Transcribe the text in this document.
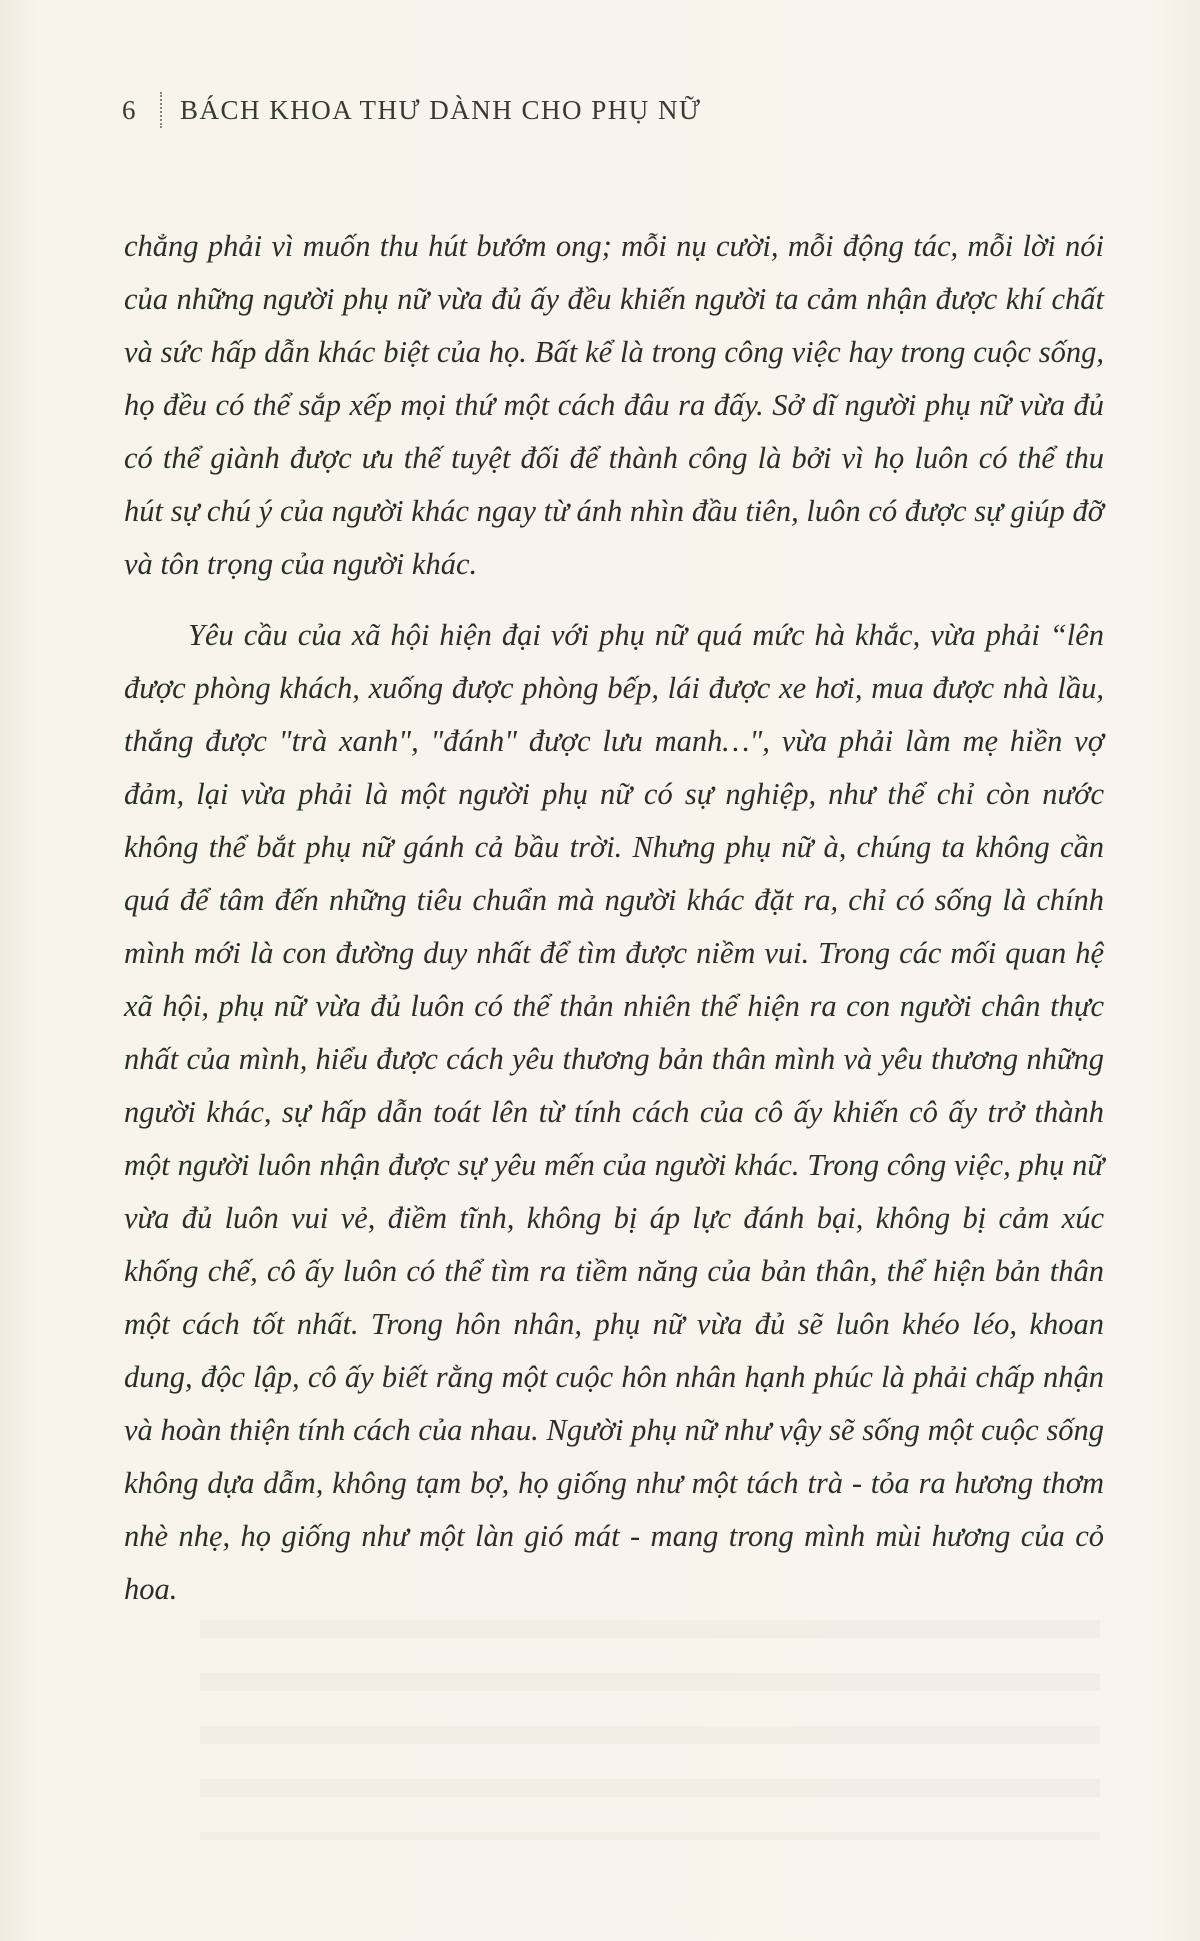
6	BÁCH KHOA THƯ DÀNH CHO PHỤ NỮ

chẳng phải vì muốn thu hút bướm ong; mỗi nụ cười, mỗi động tác, mỗi lời nói của những người phụ nữ vừa đủ ấy đều khiến người ta cảm nhận được khí chất và sức hấp dẫn khác biệt của họ. Bất kể là trong công việc hay trong cuộc sống, họ đều có thể sắp xếp mọi thứ một cách đâu ra đấy. Sở dĩ người phụ nữ vừa đủ có thể giành được ưu thế tuyệt đối để thành công là bởi vì họ luôn có thể thu hút sự chú ý của người khác ngay từ ánh nhìn đầu tiên, luôn có được sự giúp đỡ và tôn trọng của người khác.

Yêu cầu của xã hội hiện đại với phụ nữ quá mức hà khắc, vừa phải “lên được phòng khách, xuống được phòng bếp, lái được xe hơi, mua được nhà lầu, thắng được "trà xanh", "đánh" được lưu manh…", vừa phải làm mẹ hiền vợ đảm, lại vừa phải là một người phụ nữ có sự nghiệp, như thể chỉ còn nước không thể bắt phụ nữ gánh cả bầu trời. Nhưng phụ nữ à, chúng ta không cần quá để tâm đến những tiêu chuẩn mà người khác đặt ra, chỉ có sống là chính mình mới là con đường duy nhất để tìm được niềm vui. Trong các mối quan hệ xã hội, phụ nữ vừa đủ luôn có thể thản nhiên thể hiện ra con người chân thực nhất của mình, hiểu được cách yêu thương bản thân mình và yêu thương những người khác, sự hấp dẫn toát lên từ tính cách của cô ấy khiến cô ấy trở thành một người luôn nhận được sự yêu mến của người khác. Trong công việc, phụ nữ vừa đủ luôn vui vẻ, điềm tĩnh, không bị áp lực đánh bại, không bị cảm xúc khống chế, cô ấy luôn có thể tìm ra tiềm năng của bản thân, thể hiện bản thân một cách tốt nhất. Trong hôn nhân, phụ nữ vừa đủ sẽ luôn khéo léo, khoan dung, độc lập, cô ấy biết rằng một cuộc hôn nhân hạnh phúc là phải chấp nhận và hoàn thiện tính cách của nhau. Người phụ nữ như vậy sẽ sống một cuộc sống không dựa dẫm, không tạm bợ, họ giống như một tách trà - tỏa ra hương thơm nhè nhẹ, họ giống như một làn gió mát - mang trong mình mùi hương của cỏ hoa.
